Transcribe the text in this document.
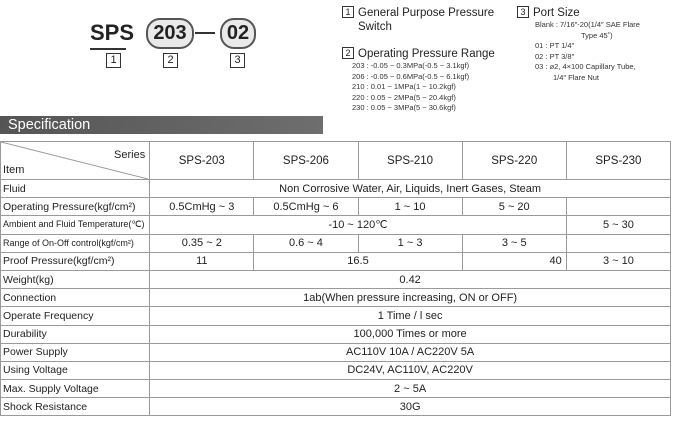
SPS 203	02
1	2	3
1 General Purpose Pressure
Switch
2 Operating Pressure Range
203 : -0.05 ~ 0.3MPa(-0.5 ~ 3.1kgf)
206 : -0.05 ~ 0.6MPa(-0.5 ~ 6.1kgf)
210 : 0.01 ~ 1MPa(1 ~ 10.2kgf)
220 : 0.05 ~ 2MPa(5 ~ 20.4kgf)
230 : 0.05 ~ 3MPa(5 ~ 30.6kgf)
3 Port Size
Blank : 7/16″-20(1/4″ SAE Flare
Type 45˚)
01 : PT 1/4″
02 : PT 3/8″
03 : ⌀2, 4×100 Capillary Tube,
1/4″ Flare Nut
Specification
Series
Item	SPS-203	SPS-206	SPS-210	SPS-220	SPS-230
Fluid	Non Corrosive Water, Air, Liquids, Inert Gases, Steam				
Operating Pressure(kgf/cm²)	0.5CmHg ~ 3	0.5CmHg ~ 6	1 ~ 10	5 ~ 20	
Ambient and Fluid Temperature(℃)	-10 ~ 120℃				5 ~ 30
Range of On-Off control(kgf/cm²)	0.35 ~ 2	0.6 ~ 4	1 ~ 3	3 ~ 5	
Proof Pressure(kgf/cm²)	11	16.5		40	3 ~ 10
Weight(kg)	0.42				
Connection	1ab(When pressure increasing, ON or OFF)				
Operate Frequency	1 Time / l sec				
Durability	100,000 Times or more				
Power Supply	AC110V 10A / AC220V 5A				
Using Voltage	DC24V, AC110V, AC220V				
Max. Supply Voltage	2 ~ 5A				
Shock Resistance	30G				
